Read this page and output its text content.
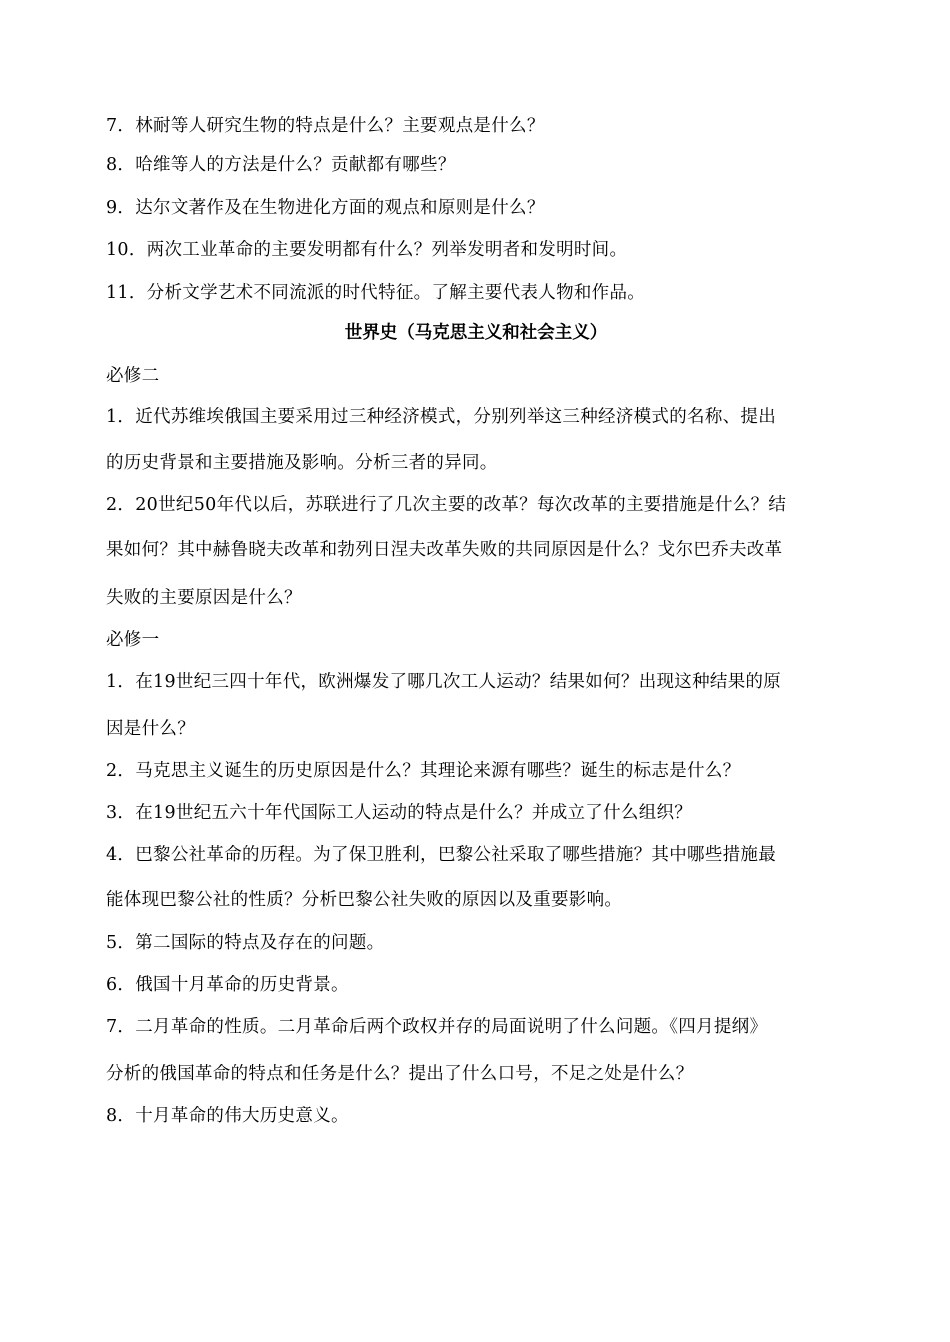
7．林耐等人研究生物的特点是什么？主要观点是什么？
8．哈维等人的方法是什么？贡献都有哪些？
9．达尔文著作及在生物进化方面的观点和原则是什么？
10．两次工业革命的主要发明都有什么？列举发明者和发明时间。
11．分析文学艺术不同流派的时代特征。了解主要代表人物和作品。
世界史（马克思主义和社会主义）
必修二
1．近代苏维埃俄国主要采用过三种经济模式，分别列举这三种经济模式的名称、提出
的历史背景和主要措施及影响。分析三者的异同。
2．20世纪50年代以后，苏联进行了几次主要的改革？每次改革的主要措施是什么？结
果如何？其中赫鲁晓夫改革和勃列日涅夫改革失败的共同原因是什么？戈尔巴乔夫改革
失败的主要原因是什么？
必修一
1．在19世纪三四十年代，欧洲爆发了哪几次工人运动？结果如何？出现这种结果的原
因是什么？
2．马克思主义诞生的历史原因是什么？其理论来源有哪些？诞生的标志是什么？
3．在19世纪五六十年代国际工人运动的特点是什么？并成立了什么组织？
4．巴黎公社革命的历程。为了保卫胜利，巴黎公社采取了哪些措施？其中哪些措施最
能体现巴黎公社的性质？分析巴黎公社失败的原因以及重要影响。
5．第二国际的特点及存在的问题。
6．俄国十月革命的历史背景。
7．二月革命的性质。二月革命后两个政权并存的局面说明了什么问题。《四月提纲》
分析的俄国革命的特点和任务是什么？提出了什么口号，不足之处是什么？
8．十月革命的伟大历史意义。
